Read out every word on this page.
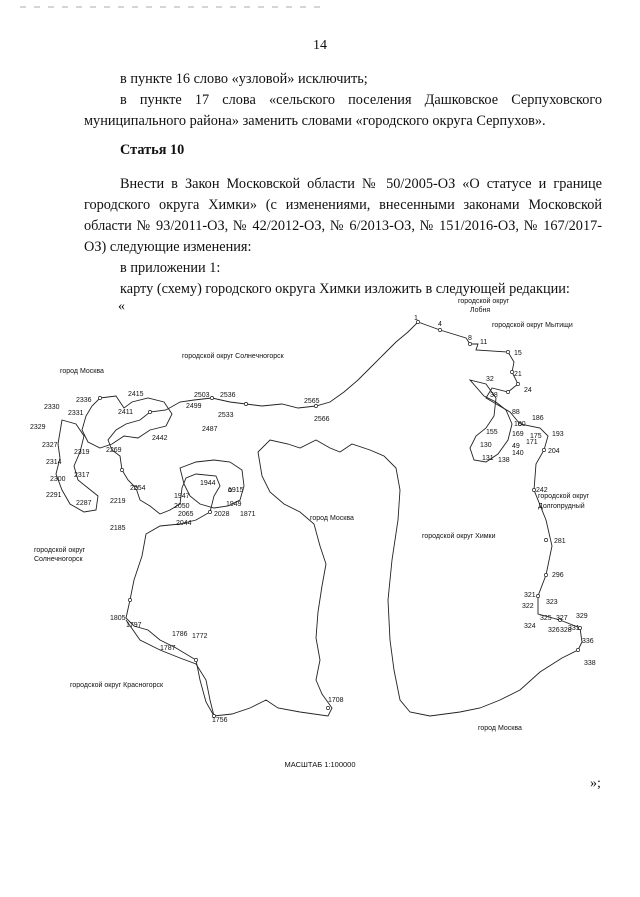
14

в пункте 16 слово «узловой» исключить;

в пункте 17 слова «сельского поселения Дашковское Серпуховского муниципального района» заменить словами «городского округа Серпухов».

Статья 10

Внести в Закон Московской области № 50/2005-ОЗ «О статусе и границе городского округа Химки» (с изменениями, внесенными законами Московской области № 93/2011-ОЗ, № 42/2012-ОЗ, № 6/2013-ОЗ, № 151/2016-ОЗ, № 167/2017-ОЗ) следующие изменения:

в приложении 1:

карту (схему) городского округа Химки изложить в следующей редакции:

«	городской округ
Лобня
городской округ Мытищи
городской округ Солнечногорск
город Москва
городской округ
Долгопрудный
город Москва
городской округ Химки
городской округ
Солнечногорск
городской округ Красногорск
город Москва
1
4
8
11
15
21
24
32
38
88
186
180
169 175 193
155
130	49
171
204
131 138
140
242
281
296
321
322
323
324
325 327 329
326 328
331
336
338
2415
2411
2336
2331
2330
2329
2503
2499
2536
2533
2487
2442
2565
2566
2327
2319
2314
2269
2317
2300
2291
2287
2254
2219
2185
1944
1947
1915
2050	1949
2065	2028
2044
1871
1805
1797
1786 1772
1787
1756
1708
МАСШТАБ 1:100000
»;
